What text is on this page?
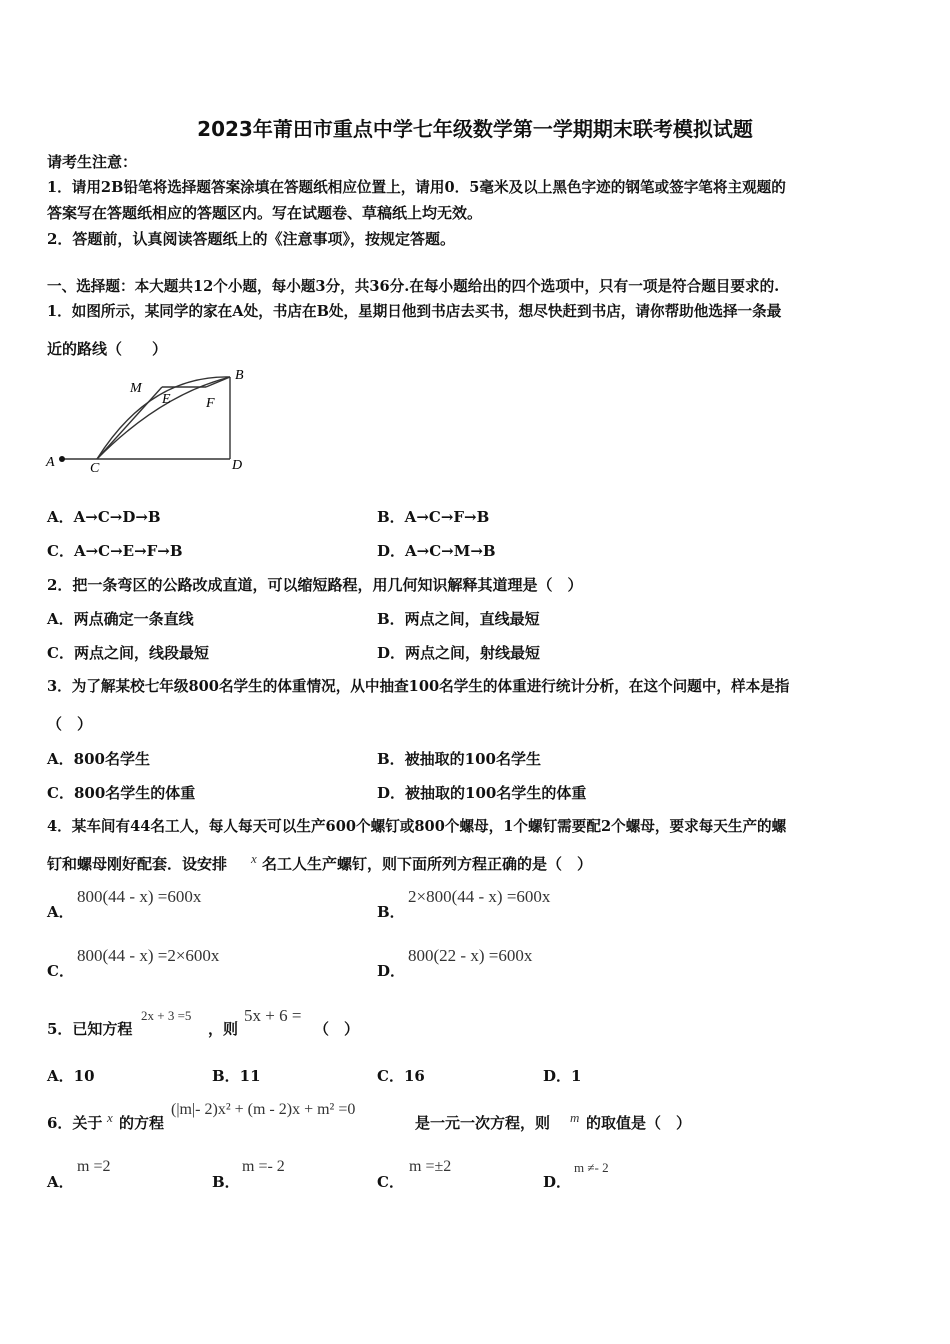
2023年莆田市重点中学七年级数学第一学期期末联考模拟试题
请考生注意：
1．请用2B铅笔将选择题答案涂填在答题纸相应位置上，请用0．5毫米及以上黑色字迹的钢笔或签字笔将主观题的
答案写在答题纸相应的答题区内。写在试题卷、草稿纸上均无效。
2．答题前，认真阅读答题纸上的《注意事项》，按规定答题。
一、选择题：本大题共12个小题，每小题3分，共36分.在每小题给出的四个选项中，只有一项是符合题目要求的.
1．如图所示，某同学的家在A处，书店在B处，星期日他到书店去买书，想尽快赶到书店，请你帮助他选择一条最
近的路线（　　）
A	C	D
B
M
E	F
A．A→C→D→B	B．A→C→F→B
C．A→C→E→F→B	D．A→C→M→B
2．把一条弯区的公路改成直道，可以缩短路程，用几何知识解释其道理是（　）
A．两点确定一条直线	B．两点之间，直线最短
C．两点之间，线段最短	D．两点之间，射线最短
3．为了解某校七年级800名学生的体重情况，从中抽查100名学生的体重进行统计分析，在这个问题中，样本是指
（　）
A．800名学生	B．被抽取的100名学生
C．800名学生的体重	D．被抽取的100名学生的体重
4．某车间有44名工人，每人每天可以生产600个螺钉或800个螺母，1个螺钉需要配2个螺母，要求每天生产的螺
钉和螺母刚好配套．设安排 x 名工人生产螺钉，则下面所列方程正确的是（　）
A．
800(44 - x) =600x
B．
2×800(44 - x) =600x
C．
800(44 - x) =2×600x
D．
800(22 - x) =600x
5．已知方程
2x + 3 =5
，则
5x + 6 =
（　）
A．10	B．11	C．16	D．1
6．关于 x 的方程
(|m|- 2)x² + (m - 2)x + m² =0
是一元一次方程，则 m 的取值是（　）
A．
m =2
B．
m =- 2
C．
m =±2
D．
m ≠- 2
